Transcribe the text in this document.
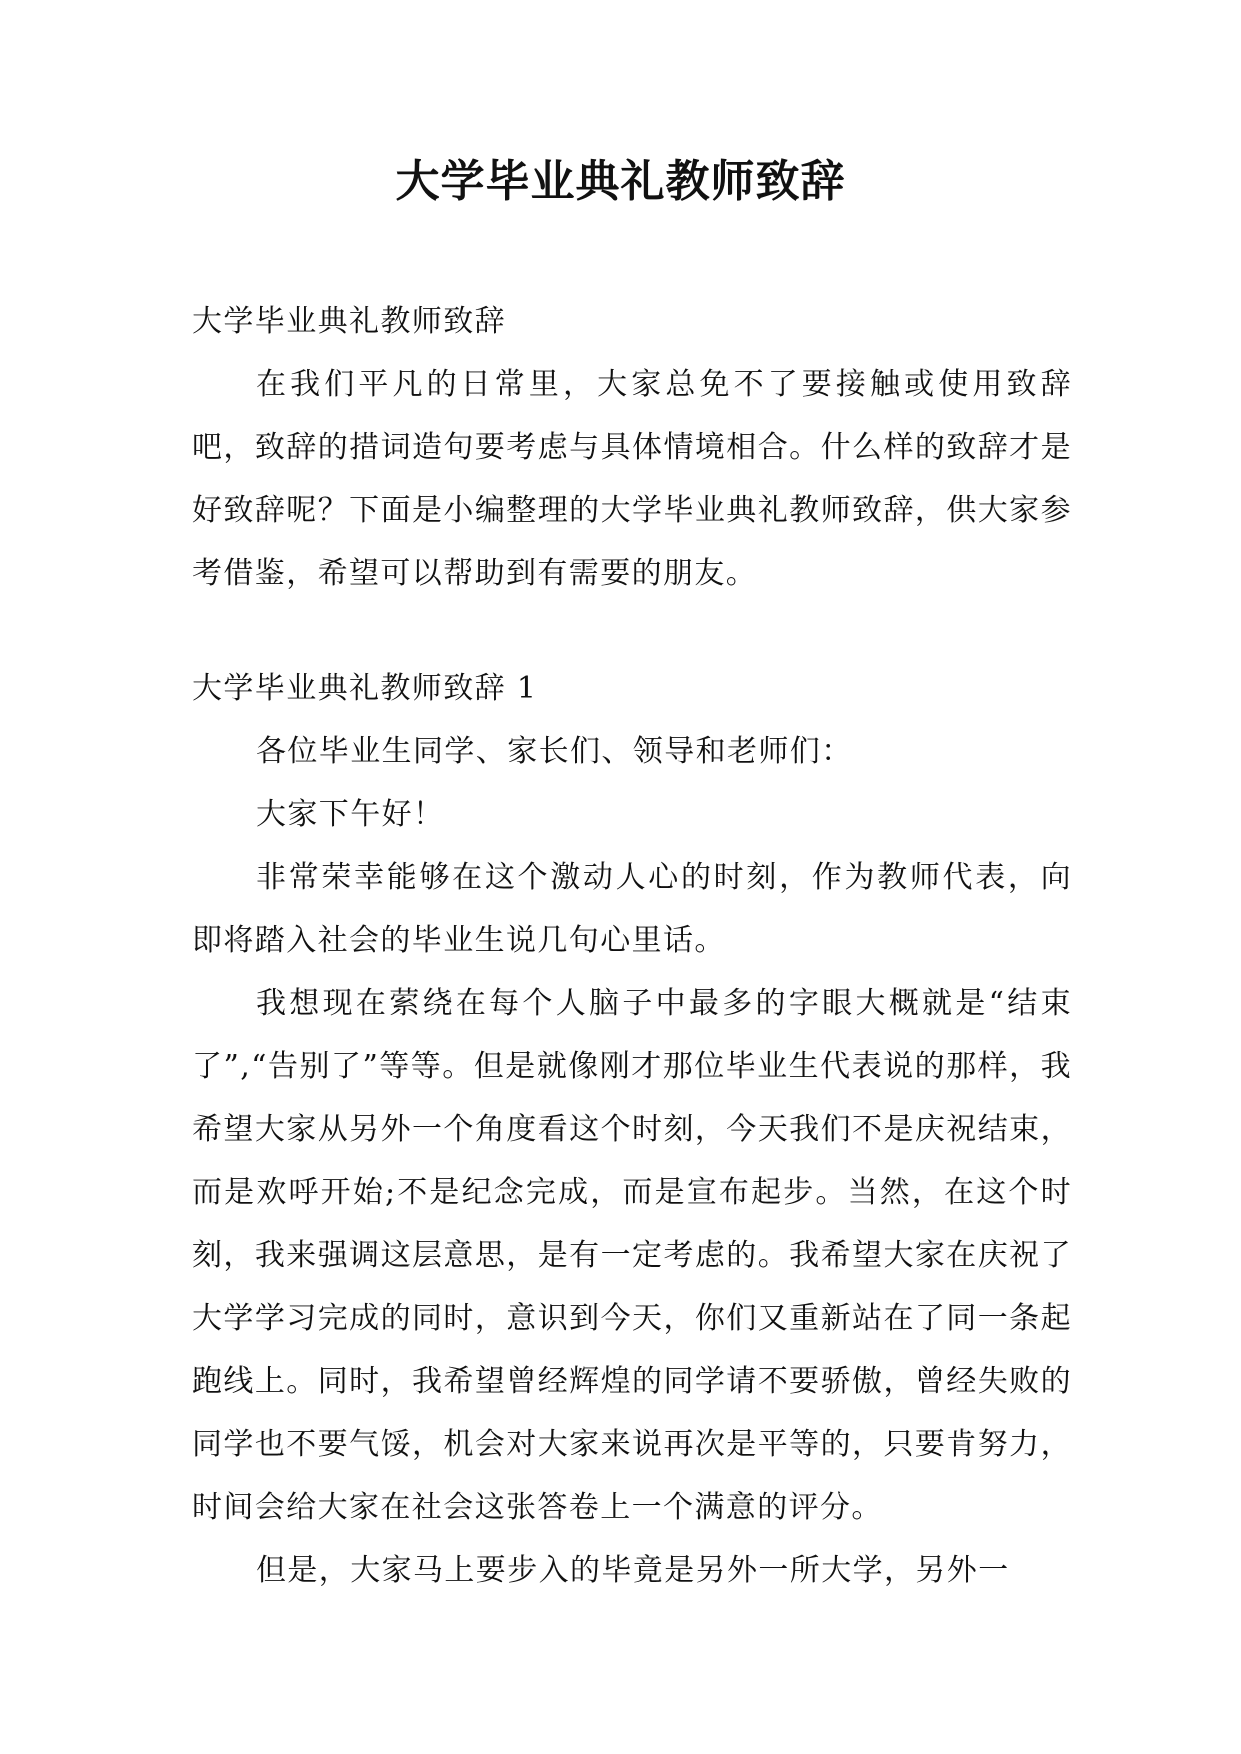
大学毕业典礼教师致辞

大学毕业典礼教师致辞

在我们平凡的日常里，大家总免不了要接触或使用致辞吧，致辞的措词造句要考虑与具体情境相合。什么样的致辞才是好致辞呢？下面是小编整理的大学毕业典礼教师致辞，供大家参考借鉴，希望可以帮助到有需要的朋友。

大学毕业典礼教师致辞 1

各位毕业生同学、家长们、领导和老师们：

大家下午好！

非常荣幸能够在这个激动人心的时刻，作为教师代表，向即将踏入社会的毕业生说几句心里话。

我想现在萦绕在每个人脑子中最多的字眼大概就是“结束了”,“告别了”等等。但是就像刚才那位毕业生代表说的那样，我希望大家从另外一个角度看这个时刻，今天我们不是庆祝结束，而是欢呼开始;不是纪念完成，而是宣布起步。当然，在这个时刻，我来强调这层意思，是有一定考虑的。我希望大家在庆祝了大学学习完成的同时，意识到今天，你们又重新站在了同一条起跑线上。同时，我希望曾经辉煌的同学请不要骄傲，曾经失败的同学也不要气馁，机会对大家来说再次是平等的，只要肯努力，时间会给大家在社会这张答卷上一个满意的评分。

但是，大家马上要步入的毕竟是另外一所大学，另外一
